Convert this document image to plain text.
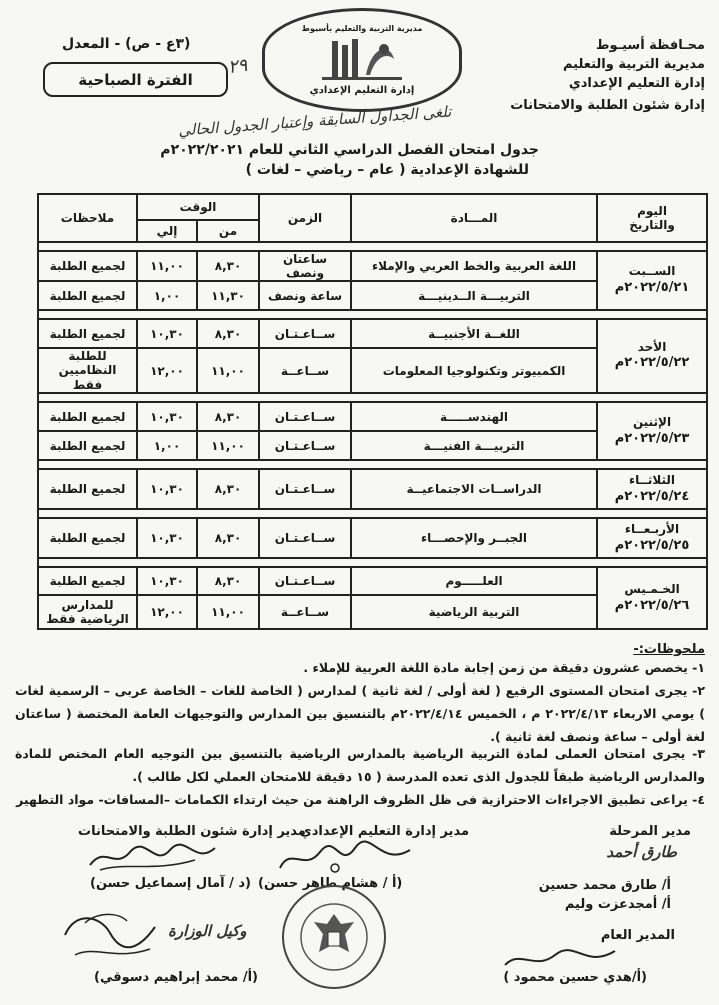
محـافظة أسيـوط
مديرية التربية والتعليم
إدارة التعليم الإعدادي
إدارة شئون الطلبة والامتحانات
(٣ع - ص) - المعدل
الفترة الصباحية
٢٩
مديرية التربية والتعليم بأسيوط
إدارة التعليم الإعدادي
تلغى الجداول السابقة وإعتبار الجدول الحالي
جدول امتحان الفصل الدراسي الثاني للعام ٢٠٢٢/٢٠٢١م
للشهادة الإعدادية ( عام – رياضي – لغات )
اليوم
والتاريخ	المـــادة	الزمن	الوقت		ملاحظات
			من	إلي	

الســبت
٢٠٢٢/٥/٢١م	اللغة العربية والخط العربي والإملاء	ساعتان ونصف	٨,٣٠	١١,٠٠	لجميع الطلبة
	التربيـــة الــدينيـــة	ساعة ونصف	١١,٣٠	١,٠٠	لجميع الطلبة

الأحد
٢٠٢٢/٥/٢٢م	اللغــة الأجنبيــة	ســاعـتـان	٨,٣٠	١٠,٣٠	لجميع الطلبة
	الكمبيوتر وتكنولوجيا المعلومات	ســاعــة	١١,٠٠	١٢,٠٠	للطلبة النظاميين فقط

الإثنين
٢٠٢٢/٥/٢٣م	الهندســـــة	ســاعـتـان	٨,٣٠	١٠,٣٠	لجميع الطلبة
	التربيـــة الفنيـــة	ســاعـتـان	١١,٠٠	١,٠٠	لجميع الطلبة

الثلاثــاء
٢٠٢٢/٥/٢٤م	الدراســات الاجتماعيــة	ســاعـتـان	٨,٣٠	١٠,٣٠	لجميع الطلبة

الأربـعــاء
٢٠٢٢/٥/٢٥م	الجبــر والإحصـــاء	ســاعـتـان	٨,٣٠	١٠,٣٠	لجميع الطلبة

الخـمـيس
٢٠٢٢/٥/٢٦م	العلـــــوم	ســاعـتـان	٨,٣٠	١٠,٣٠	لجميع الطلبة
	التربية الرياضية	ســاعــة	١١,٠٠	١٢,٠٠	للمدارس الرياضية فقط
ملحوظات:-
١- يخصص عشرون دقيقة من زمن إجابة مادة اللغة العربية للإملاء .
٢- يجرى امتحان المستوى الرفيع ( لغة أولى / لغة ثانية ) لمدارس ( الخاصة للغات – الخاصة عربى – الرسمية لغات ) يومي الاربعاء ٢٠٢٢/٤/١٣ م ، الخميس ٢٠٢٢/٤/١٤م بالتنسيق بين المدارس والتوجيهات العامة المختصة ( ساعتان لغة أولى – ساعة ونصف لغة ثانية ).
٣- يجرى امتحان العملى لمادة التربية الرياضية بالمدارس الرياضية بالتنسيق بين التوجيه العام المختص للمادة والمدارس الرياضية طبقاً للجدول الذى تعده المدرسة ( ١٥ دقيقة للامتحان العملي لكل طالب ).
٤- يراعى تطبيق الاجراءات الاحترازية فى ظل الظروف الراهنة من حيث ارتداء الكمامات –المسافات- مواد التطهير
مدير المرحلة
طارق أحمد
أ/ طارق محمد حسين
أ/ أمجدعزت وليم
مدير إدارة التعليم الإعدادي
مدير إدارة شئون الطلبة والامتحانات
(أ / هشام طاهر حسن)
(د / آمال إسماعيل حسن)
المدير العام
(أ/هدي حسين محمود )
وكيل الوزارة
(أ/ محمد إبراهيم دسوقي)
